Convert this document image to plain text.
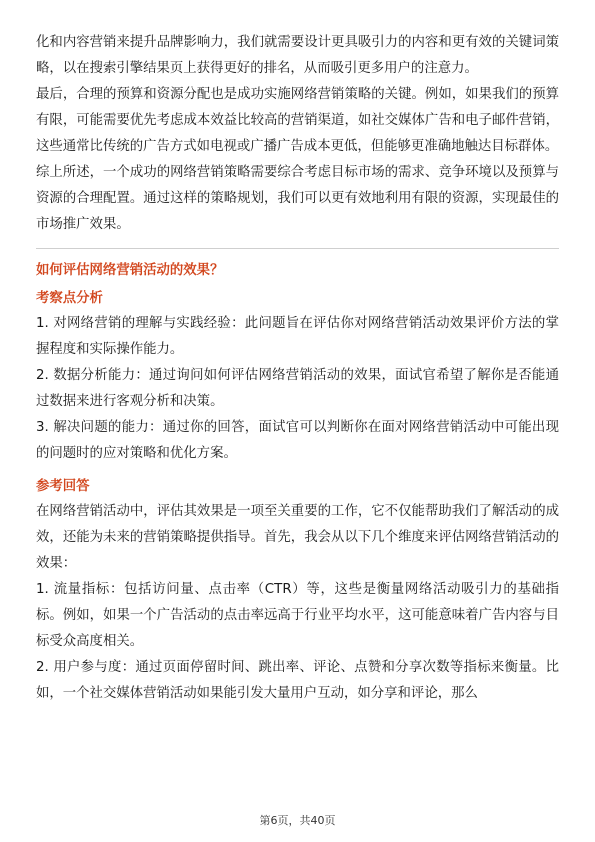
化和内容营销来提升品牌影响力，我们就需要设计更具吸引力的内容和更有效的关键词策略，以在搜索引擎结果页上获得更好的排名，从而吸引更多用户的注意力。

最后，合理的预算和资源分配也是成功实施网络营销策略的关键。例如，如果我们的预算有限，可能需要优先考虑成本效益比较高的营销渠道，如社交媒体广告和电子邮件营销，这些通常比传统的广告方式如电视或广播广告成本更低，但能够更准确地触达目标群体。

综上所述，一个成功的网络营销策略需要综合考虑目标市场的需求、竞争环境以及预算与资源的合理配置。通过这样的策略规划，我们可以更有效地利用有限的资源，实现最佳的市场推广效果。

如何评估网络营销活动的效果？

考察点分析

1. 对网络营销的理解与实践经验：此问题旨在评估你对网络营销活动效果评价方法的掌握程度和实际操作能力。

2. 数据分析能力：通过询问如何评估网络营销活动的效果，面试官希望了解你是否能通过数据来进行客观分析和决策。

3. 解决问题的能力：通过你的回答，面试官可以判断你在面对网络营销活动中可能出现的问题时的应对策略和优化方案。

参考回答

在网络营销活动中，评估其效果是一项至关重要的工作，它不仅能帮助我们了解活动的成效，还能为未来的营销策略提供指导。首先，我会从以下几个维度来评估网络营销活动的效果：

1. 流量指标：包括访问量、点击率（CTR）等，这些是衡量网络活动吸引力的基础指标。例如，如果一个广告活动的点击率远高于行业平均水平，这可能意味着广告内容与目标受众高度相关。

2. 用户参与度：通过页面停留时间、跳出率、评论、点赞和分享次数等指标来衡量。比如，一个社交媒体营销活动如果能引发大量用户互动，如分享和评论，那么

第6页，共40页
